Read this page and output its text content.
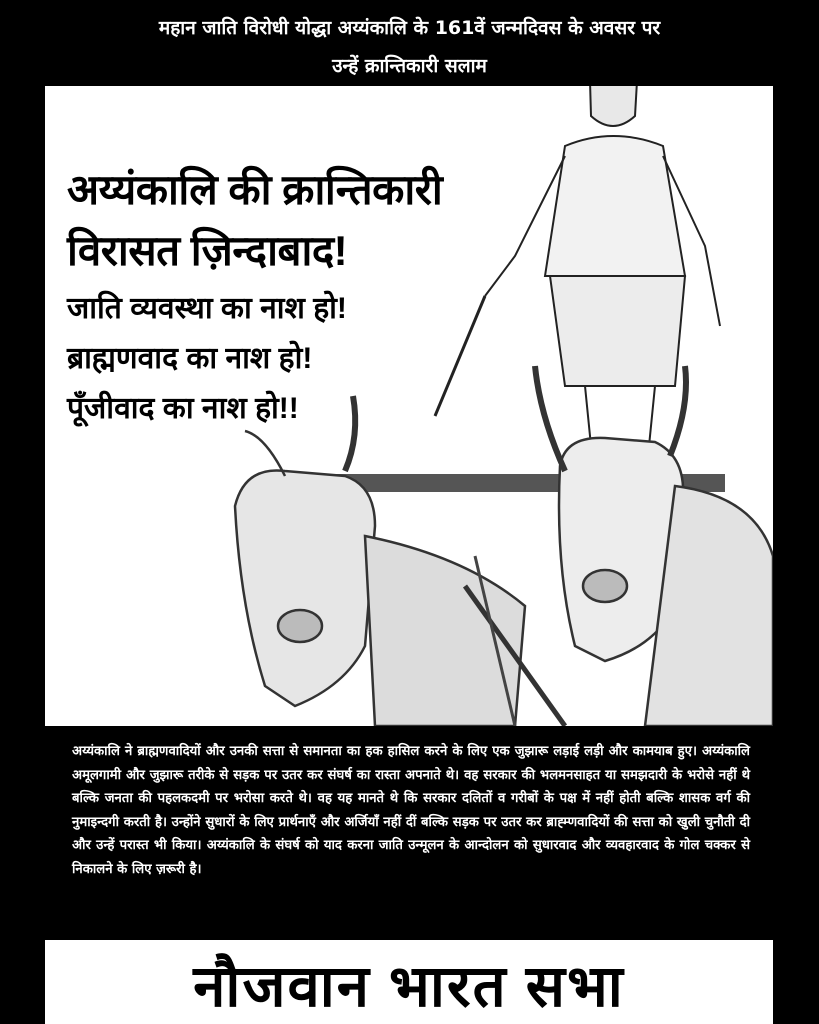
महान जाति विरोधी योद्धा अय्यंकालि के 161वें जन्मदिवस के अवसर पर
उन्हें क्रान्तिकारी सलाम
अय्यंकालि की क्रान्तिकारी
विरासत ज़िन्दाबाद!
जाति व्यवस्था का नाश हो!
ब्राह्मणवाद का नाश हो!
पूँजीवाद का नाश हो!!
अय्यंकालि ने ब्राह्मणवादियों और उनकी सत्ता से समानता का हक हासिल करने के लिए एक जुझारू लड़ाई लड़ी और कामयाब हुए। अय्यंकालि अमूलगामी और जुझारू तरीके से सड़क पर उतर कर संघर्ष का रास्ता अपनाते थे। वह सरकार की भलमनसाहत या समझदारी के भरोसे नहीं थे बल्कि जनता की पहलकदमी पर भरोसा करते थे। वह यह मानते थे कि सरकार दलितों व गरीबों के पक्ष में नहीं होती बल्कि शासक वर्ग की नुमाइन्दगी करती है। उन्होंने सुधारों के लिए प्रार्थनाएँ और अर्जियाँ नहीं दीं बल्कि सड़क पर उतर कर ब्राह्म्णवादियों की सत्ता को खुली चुनौती दी और उन्हें परास्त भी किया। अय्यंकालि के संघर्ष को याद करना जाति उन्मूलन के आन्दोलन को सुधारवाद और व्यवहारवाद के गोल चक्कर से निकालने के लिए ज़रूरी है।
नौजवान भारत सभा
